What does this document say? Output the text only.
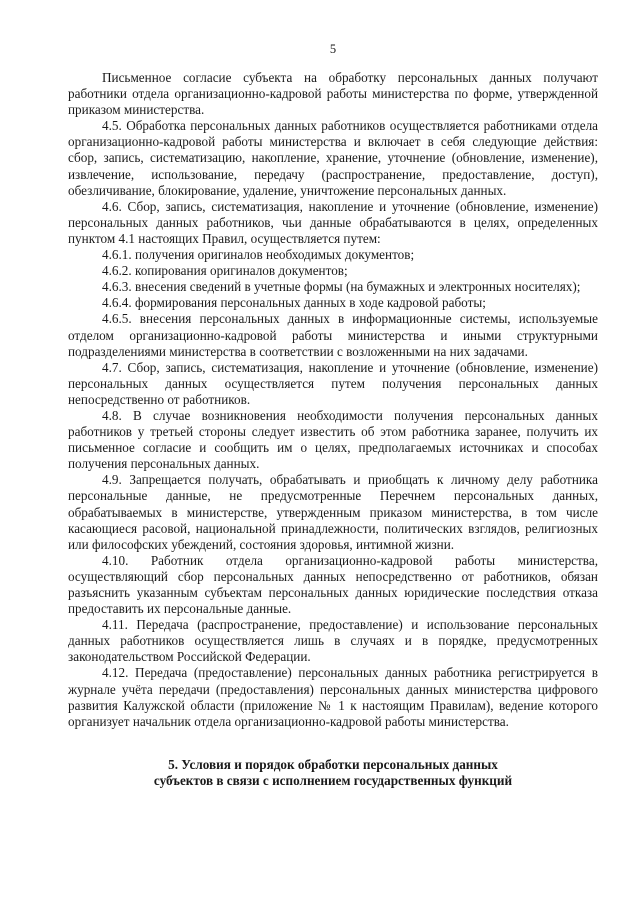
5

Письменное согласие субъекта на обработку персональных данных получают работники отдела организационно-кадровой работы министерства по форме, утвержденной приказом министерства.

4.5. Обработка персональных данных работников осуществляется работниками отдела организационно-кадровой работы министерства и включает в себя следующие действия: сбор, запись, систематизацию, накопление, хранение, уточнение (обновление, изменение), извлечение, использование, передачу (распространение, предоставление, доступ), обезличивание, блокирование, удаление, уничтожение персональных данных.

4.6. Сбор, запись, систематизация, накопление и уточнение (обновление, изменение) персональных данных работников, чьи данные обрабатываются в целях, определенных пунктом 4.1 настоящих Правил, осуществляется путем:

4.6.1. получения оригиналов необходимых документов;

4.6.2. копирования оригиналов документов;

4.6.3. внесения сведений в учетные формы (на бумажных и электронных носителях);

4.6.4. формирования персональных данных в ходе кадровой работы;

4.6.5. внесения персональных данных в информационные системы, используемые отделом организационно-кадровой работы министерства и иными структурными подразделениями министерства в соответствии с возложенными на них задачами.

4.7. Сбор, запись, систематизация, накопление и уточнение (обновление, изменение) персональных данных осуществляется путем получения персональных данных непосредственно от работников.

4.8. В случае возникновения необходимости получения персональных данных работников у третьей стороны следует известить об этом работника заранее, получить их письменное согласие и сообщить им о целях, предполагаемых источниках и способах получения персональных данных.

4.9. Запрещается получать, обрабатывать и приобщать к личному делу работника персональные данные, не предусмотренные Перечнем персональных данных, обрабатываемых в министерстве, утвержденным приказом министерства, в том числе касающиеся расовой, национальной принадлежности, политических взглядов, религиозных или философских убеждений, состояния здоровья, интимной жизни.

4.10. Работник отдела организационно-кадровой работы министерства, осуществляющий сбор персональных данных непосредственно от работников, обязан разъяснить указанным субъектам персональных данных юридические последствия отказа предоставить их персональные данные.

4.11. Передача (распространение, предоставление) и использование персональных данных работников осуществляется лишь в случаях и в порядке, предусмотренных законодательством Российской Федерации.

4.12. Передача (предоставление) персональных данных работника регистрируется в журнале учёта передачи (предоставления) персональных данных министерства цифрового развития Калужской области (приложение № 1 к настоящим Правилам), ведение которого организует начальник отдела организационно-кадровой работы министерства.

5. Условия и порядок обработки персональных данных
субъектов в связи с исполнением государственных функций
